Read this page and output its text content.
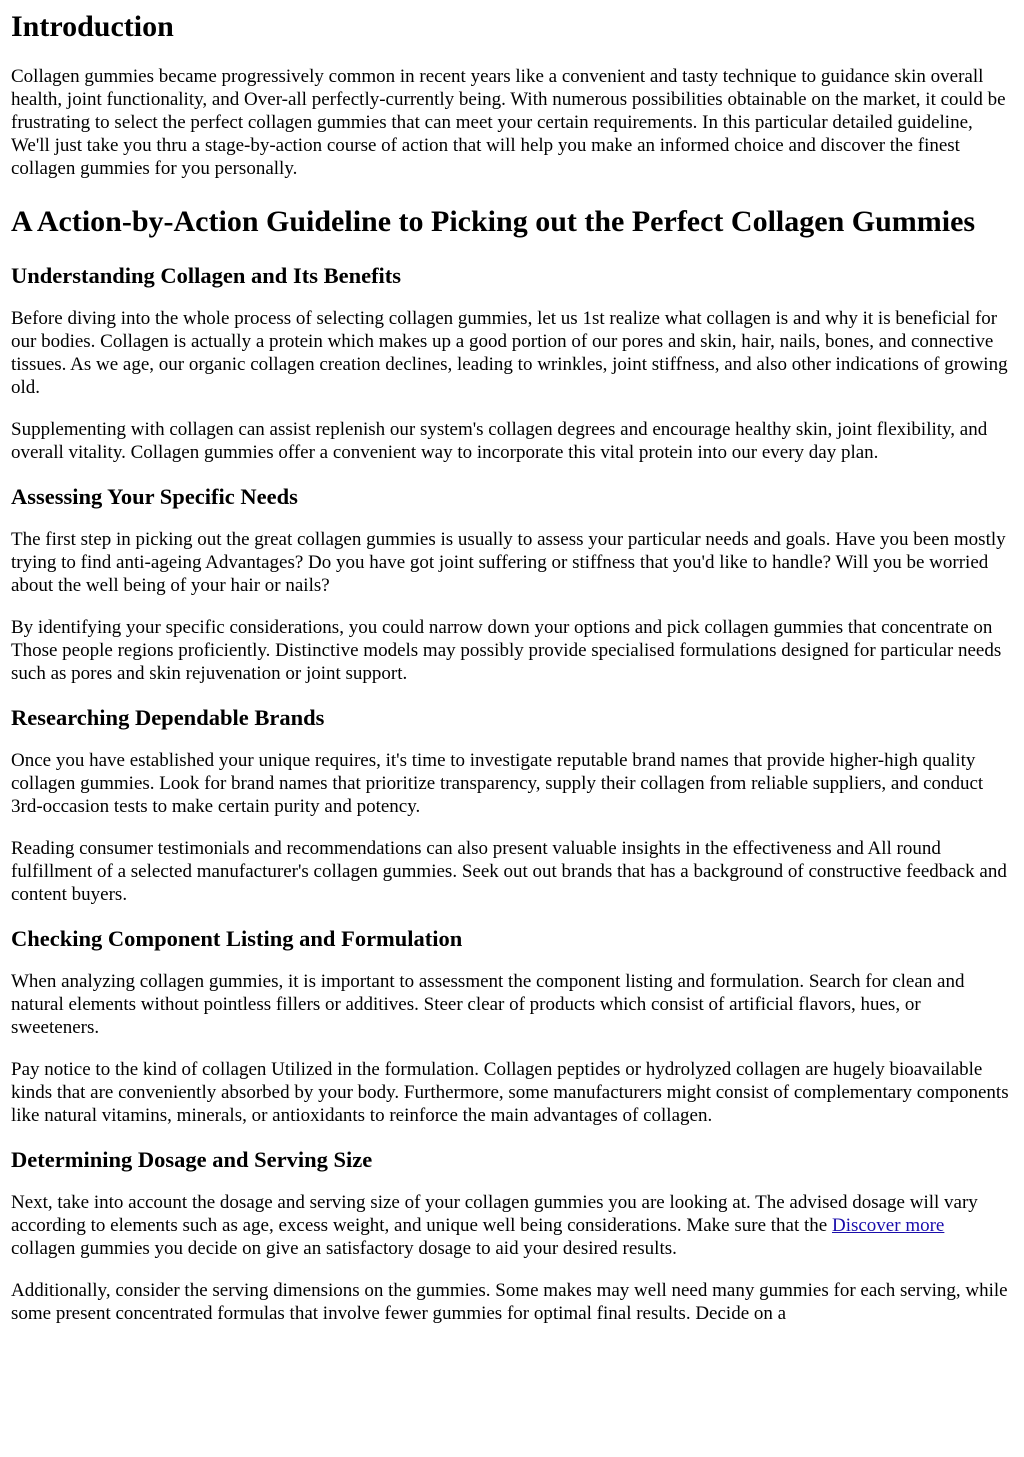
Introduction

Collagen gummies became progressively common in recent years like a convenient and tasty technique to guidance skin overall health, joint functionality, and Over-all perfectly-currently being. With numerous possibilities obtainable on the market, it could be frustrating to select the perfect collagen gummies that can meet your certain requirements. In this particular detailed guideline, We'll just take you thru a stage-by-action course of action that will help you make an informed choice and discover the finest collagen gummies for you personally.

A Action-by-Action Guideline to Picking out the Perfect Collagen Gummies
Understanding Collagen and Its Benefits

Before diving into the whole process of selecting collagen gummies, let us 1st realize what collagen is and why it is beneficial for our bodies. Collagen is actually a protein which makes up a good portion of our pores and skin, hair, nails, bones, and connective tissues. As we age, our organic collagen creation declines, leading to wrinkles, joint stiffness, and also other indications of growing old.

Supplementing with collagen can assist replenish our system's collagen degrees and encourage healthy skin, joint flexibility, and overall vitality. Collagen gummies offer a convenient way to incorporate this vital protein into our every day plan.

Assessing Your Specific Needs

The first step in picking out the great collagen gummies is usually to assess your particular needs and goals. Have you been mostly trying to find anti-ageing Advantages? Do you have got joint suffering or stiffness that you'd like to handle? Will you be worried about the well being of your hair or nails?

By identifying your specific considerations, you could narrow down your options and pick collagen gummies that concentrate on Those people regions proficiently. Distinctive models may possibly provide specialised formulations designed for particular needs such as pores and skin rejuvenation or joint support.

Researching Dependable Brands

Once you have established your unique requires, it's time to investigate reputable brand names that provide higher-high quality collagen gummies. Look for brand names that prioritize transparency, supply their collagen from reliable suppliers, and conduct 3rd-occasion tests to make certain purity and potency.

Reading consumer testimonials and recommendations can also present valuable insights in the effectiveness and All round fulfillment of a selected manufacturer's collagen gummies. Seek out out brands that has a background of constructive feedback and content buyers.

Checking Component Listing and Formulation

When analyzing collagen gummies, it is important to assessment the component listing and formulation. Search for clean and natural elements without pointless fillers or additives. Steer clear of products which consist of artificial flavors, hues, or sweeteners.

Pay notice to the kind of collagen Utilized in the formulation. Collagen peptides or hydrolyzed collagen are hugely bioavailable kinds that are conveniently absorbed by your body. Furthermore, some manufacturers might consist of complementary components like natural vitamins, minerals, or antioxidants to reinforce the main advantages of collagen.

Determining Dosage and Serving Size

Next, take into account the dosage and serving size of your collagen gummies you are looking at. The advised dosage will vary according to elements such as age, excess weight, and unique well being considerations. Make sure that the Discover more collagen gummies you decide on give an satisfactory dosage to aid your desired results.

Additionally, consider the serving dimensions on the gummies. Some makes may well need many gummies for each serving, while some present concentrated formulas that involve fewer gummies for optimal final results. Decide on a
